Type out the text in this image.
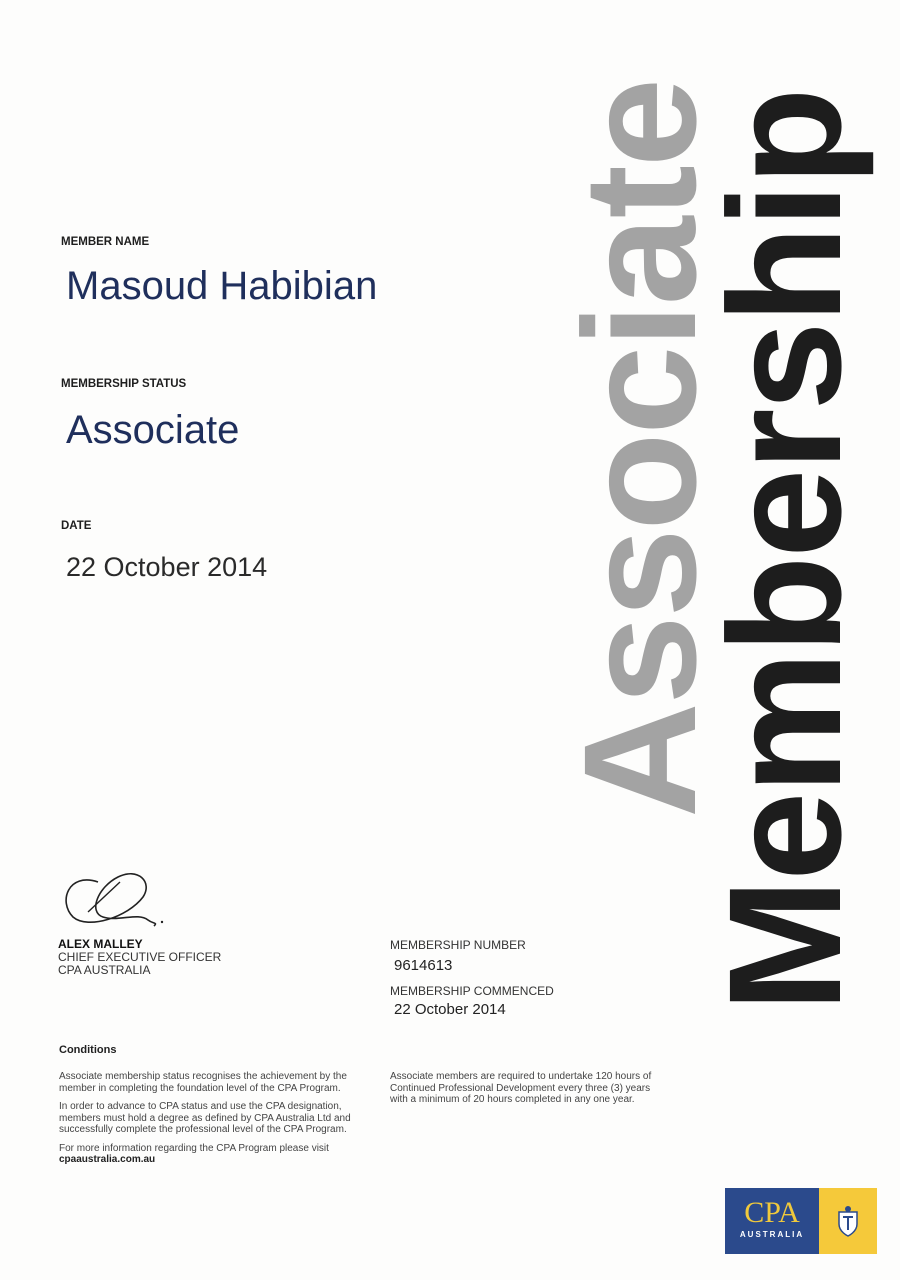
MEMBER NAME
Masoud Habibian
MEMBERSHIP STATUS
Associate
DATE
22 October 2014 Associate
Membership
ALEX MALLEY
CHIEF EXECUTIVE OFFICER
CPA AUSTRALIA
MEMBERSHIP NUMBER
9614613
MEMBERSHIP COMMENCED
22 October 2014
Conditions

Associate membership status recognises the achievement by the member in completing the foundation level of the CPA Program.

In order to advance to CPA status and use the CPA designation, members must hold a degree as defined by CPA Australia Ltd and successfully complete the professional level of the CPA Program.

For more information regarding the CPA Program please visit cpaaustralia.com.au

Associate members are required to undertake 120 hours of Continued Professional Development every three (3) years with a minimum of 20 hours completed in any one year.
CPA
AUSTRALIA
